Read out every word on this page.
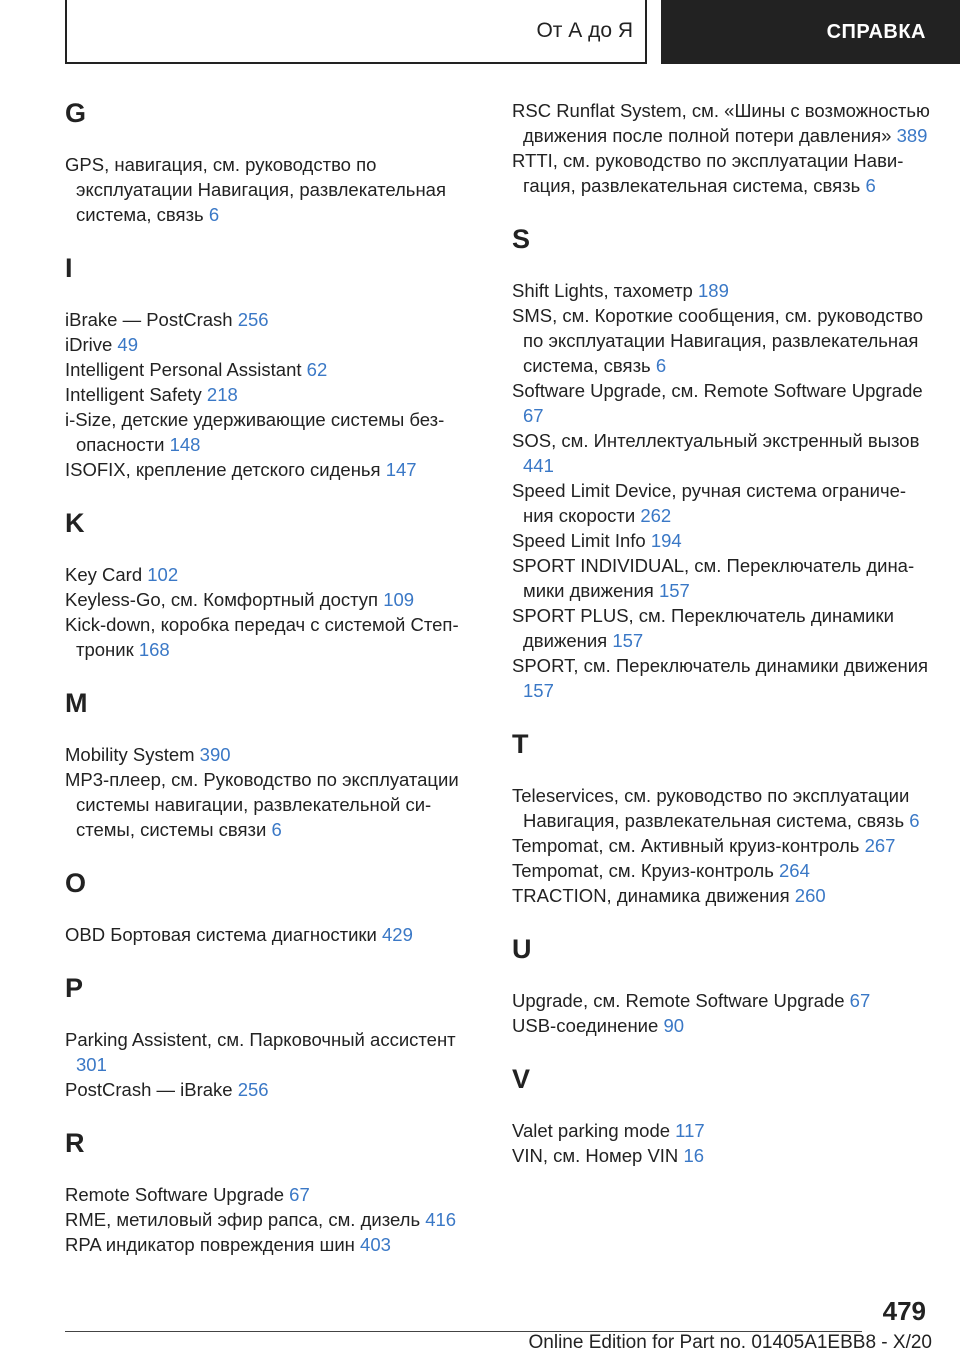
От А до Я	СПРАВКА
G

GPS, навигация, см. руководство по эксплуатации Навигация, развлекательная система, связь 6

I

iBrake — PostCrash 256

iDrive 49

Intelligent Personal Assistant 62

Intelligent Safety 218

i-Size, детские удерживающие системы безопасности 148

ISOFIX, крепление детского сиденья 147

K

Key Card 102

Keyless-Go, см. Комфортный доступ 109

Kick-down, коробка передач с системой Стептроник 168

M

Mobility System 390

MP3-плеер, см. Руководство по эксплуатации системы навигации, развлекательной системы, системы связи 6

O

OBD Бортовая система диагностики 429

P

Parking Assistent, см. Парковочный ассистент 301

PostCrash — iBrake 256

R

Remote Software Upgrade 67

RME, метиловый эфир рапса, см. дизель 416

RPA индикатор повреждения шин 403

RSC Runflat System, см. «Шины с возможностью движения после полной потери давления» 389

RTTI, см. руководство по эксплуатации Навигация, развлекательная система, связь 6

S

Shift Lights, тахометр 189

SMS, см. Короткие сообщения, см. руководство по эксплуатации Навигация, развлекательная система, связь 6

Software Upgrade, см. Remote Software Upgrade 67

SOS, см. Интеллектуальный экстренный вызов 441

Speed Limit Device, ручная система ограничения скорости 262

Speed Limit Info 194

SPORT INDIVIDUAL, см. Переключатель динамики движения 157

SPORT PLUS, см. Переключатель динамики движения 157

SPORT, см. Переключатель динамики движения 157

T

Teleservices, см. руководство по эксплуатации Навигация, развлекательная система, связь 6

Tempomat, см. Активный круиз-контроль 267

Tempomat, см. Круиз-контроль 264

TRACTION, динамика движения 260

U

Upgrade, см. Remote Software Upgrade 67

USB-соединение 90

V

Valet parking mode 117

VIN, см. Номер VIN 16

479
Online Edition for Part no. 01405A1EBB8 - X/20
